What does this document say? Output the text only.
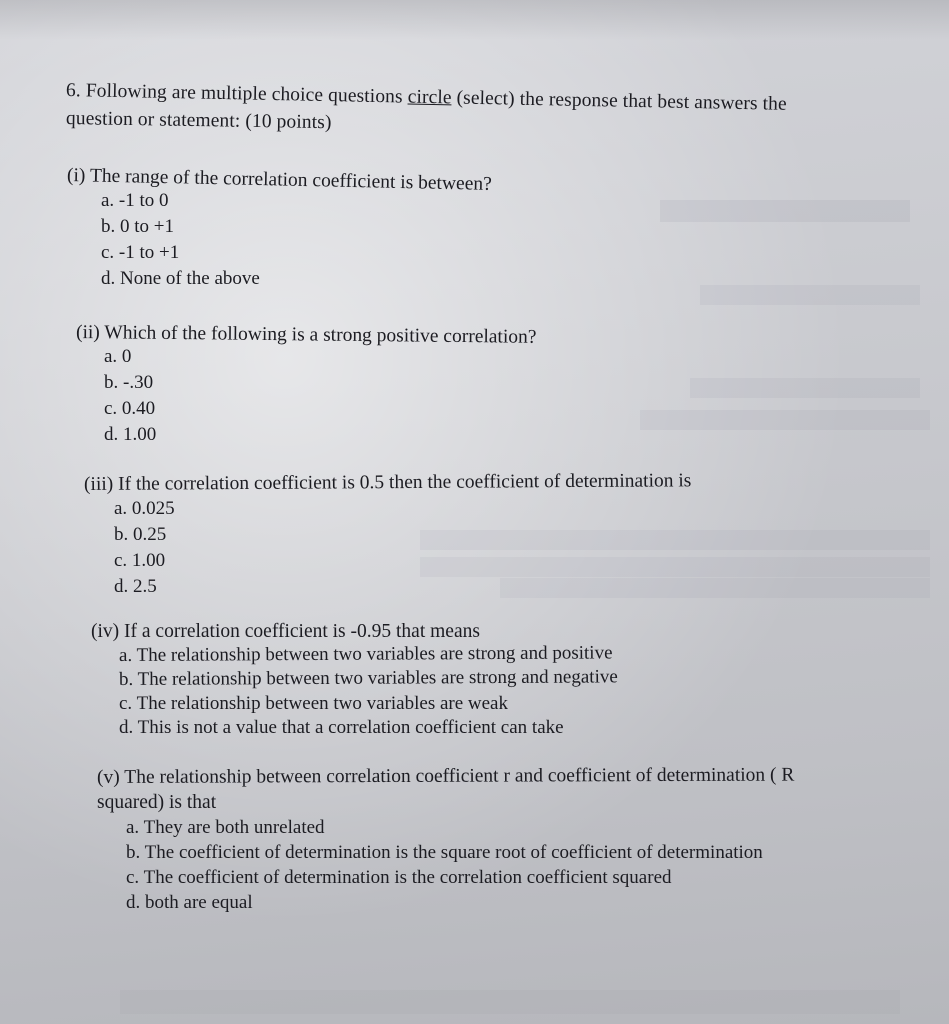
6. Following are multiple choice questions circle (select) the response that best answers the
question or statement: (10 points)
(i) The range of the correlation coefficient is between?
a. -1 to 0
b. 0 to +1
c. -1 to +1
d. None of the above
(ii) Which of the following is a strong positive correlation?
a. 0
b. -.30
c. 0.40
d. 1.00
(iii) If the correlation coefficient is 0.5 then the coefficient of determination is
a. 0.025
b. 0.25
c. 1.00
d. 2.5
(iv) If a correlation coefficient is -0.95 that means
a. The relationship between two variables are strong and positive
b. The relationship between two variables are strong and negative
c. The relationship between two variables are weak
d. This is not a value that a correlation coefficient can take
(v) The relationship between correlation coefficient r and coefficient of determination ( R
squared) is that
a. They are both unrelated
b. The coefficient of determination is the square root of coefficient of determination
c. The coefficient of determination is the correlation coefficient squared
d. both are equal
